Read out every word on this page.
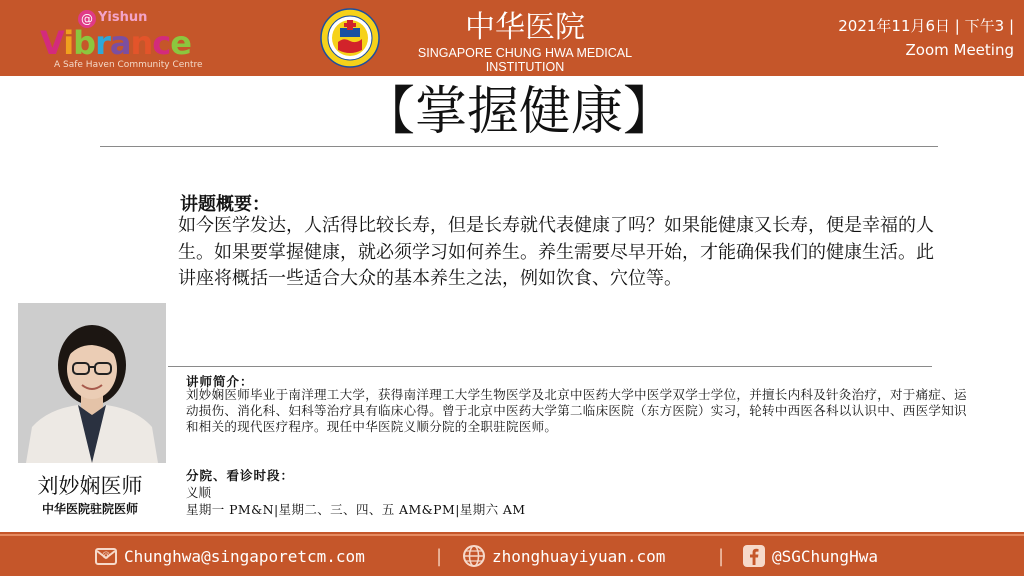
@ Yishun
Vibrance
A Safe Haven Community Centre
中华医院
SINGAPORE CHUNG HWA MEDICAL INSTITUTION
2021年11月6日 | 下午3 |
Zoom Meeting
【掌握健康】
讲题概要：
如今医学发达，人活得比较长寿，但是长寿就代表健康了吗？如果能健康又长寿，便是幸福的人生。如果要掌握健康，就必须学习如何养生。养生需要尽早开始，才能确保我们的健康生活。此讲座将概括一些适合大众的基本养生之法，例如饮食、穴位等。
刘妙娴医师
中华医院驻院医师
讲师简介：
刘妙娴医师毕业于南洋理工大学，获得南洋理工大学生物医学及北京中医药大学中医学双学士学位，并擅长内科及针灸治疗，对于痛症、运动损伤、消化科、妇科等治疗具有临床心得。曾于北京中医药大学第二临床医院（东方医院）实习，轮转中西医各科以认识中、西医学知识和相关的现代医疗程序。现任中华医院义顺分院的全职驻院医师。
分院、看诊时段：
义顺
星期一 PM&N|星期二、三、四、五 AM&PM|星期六 AM
@ Chunghwa@singaporetcm.com	|	zhonghuayiyuan.com	|	@SGChungHwa
